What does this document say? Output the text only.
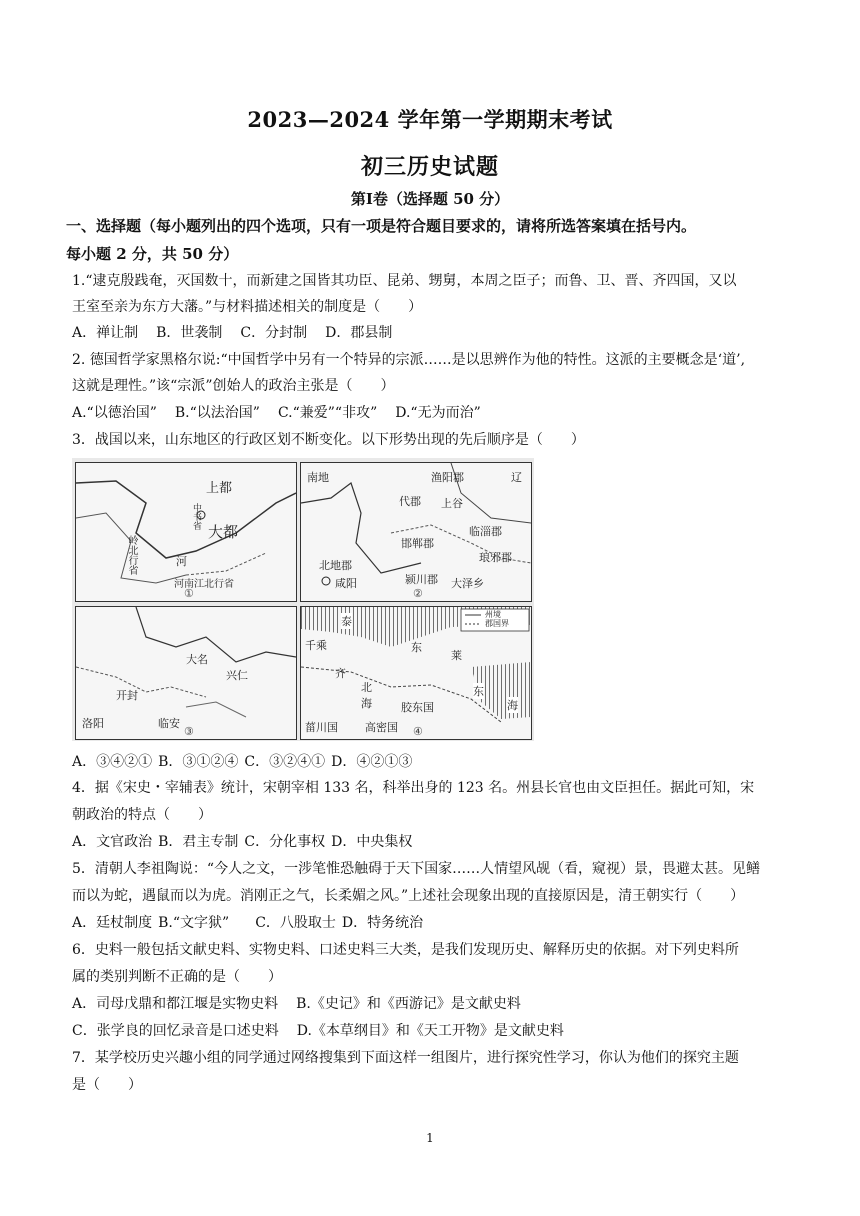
2023—2024 学年第一学期期末考试
初三历史试题
第Ⅰ卷（选择题 50 分）
一、选择题（每小题列出的四个选项，只有一项是符合题目要求的，请将所选答案填在括号内。
每小题 2 分，共 50 分）
1.“逮克殷践奄，灭国数十，而新建之国皆其功臣、昆弟、甥舅，本周之臣子；而鲁、卫、晋、齐四国，又以
王室至亲为东方大藩。”与材料描述相关的制度是（　　）
A．禅让制 B．世袭制 C．分封制 D．郡县制
2. 德国哲学家黑格尔说:“中国哲学中另有一个特异的宗派……是以思辨作为他的特性。这派的主要概念是‘道’,
这就是理性。”该“宗派”创始人的政治主张是（　　）
A.“以德治国” B.“以法治国” C.“兼爱”“非攻” D.“无为而治”
3．战国以来，山东地区的行政区划不断变化。以下形势出现的先后顺序是（　　）
上都
中书省
大都
岭北行省	河
河南江北行省
①
南地	渔阳郡	辽
代郡 上谷
临淄郡
邯郸郡
北地郡
琅邪郡
颍川郡
咸阳	大泽乡
②
开封
洛阳	临安
大名
兴仁
③
州境
郡国界
泰
千乘	东
莱
齐
北
海	胶东国
菑川国 高密国
东
海
④
A．③④②① B．③①②④ C．③②④① D．④②①③
4．据《宋史・宰辅表》统计，宋朝宰相 133 名，科举出身的 123 名。州县长官也由文臣担任。据此可知，宋
朝政治的特点（　　）
A．文官政治 B．君主专制 C．分化事权 D．中央集权
5．清朝人李祖陶说：“今人之文，一涉笔惟恐触碍于天下国家……人情望风觇（看，窥视）景，畏避太甚。见鳝
而以为蛇，遇鼠而以为虎。消刚正之气，长柔媚之风。”上述社会现象出现的直接原因是，清王朝实行（　　）
A．廷杖制度 B.“文字狱” C．八股取士 D．特务统治
6．史料一般包括文献史料、实物史料、口述史料三大类，是我们发现历史、解释历史的依据。对下列史料所
属的类别判断不正确的是（　　）
A．司母戊鼎和都江堰是实物史料 B.《史记》和《西游记》是文献史料
C．张学良的回忆录音是口述史料 D.《本草纲目》和《天工开物》是文献史料
7．某学校历史兴趣小组的同学通过网络搜集到下面这样一组图片，进行探究性学习，你认为他们的探究主题
是（　　）
1
